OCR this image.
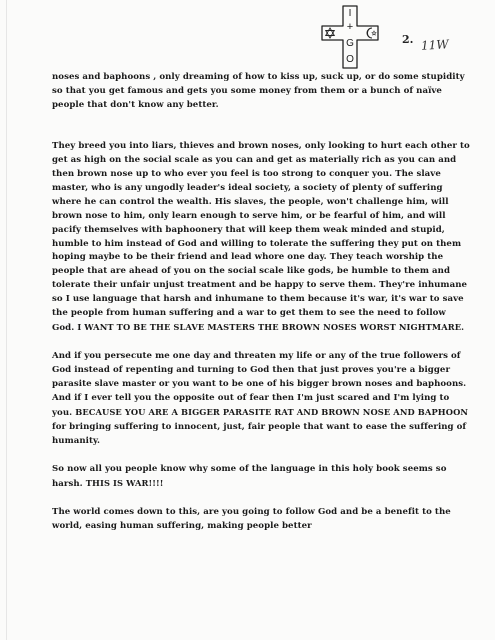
I
+
G
O
2. 11W

noses and baphoons , only dreaming of how to kiss up, suck up, or do some stupidity so that you get famous and gets you some money from them or a bunch of naïve people that don't know any better.

They breed you into liars, thieves and brown noses, only looking to hurt each other to get as high on the social scale as you can and get as materially rich as you can and then brown nose up to who ever you feel is too strong to conquer you. The slave master, who is any ungodly leader's ideal society, a society of plenty of suffering where he can control the wealth. His slaves, the people, won't challenge him, will brown nose to him, only learn enough to serve him, or be fearful of him, and will pacify themselves with baphoonery that will keep them weak minded and stupid, humble to him instead of God and willing to tolerate the suffering they put on them hoping maybe to be their friend and lead whore one day. They teach worship the people that are ahead of you on the social scale like gods, be humble to them and tolerate their unfair unjust treatment and be happy to serve them. They're inhumane so I use language that harsh and inhumane to them because it's war, it's war to save the people from human suffering and a war to get them to see the need to follow God. I WANT TO BE THE SLAVE MASTERS THE BROWN NOSES WORST NIGHTMARE.

And if you persecute me one day and threaten my life or any of the true followers of God instead of repenting and turning to God then that just proves you're a bigger parasite slave master or you want to be one of his bigger brown noses and baphoons. And if I ever tell you the opposite out of fear then I'm just scared and I'm lying to you. BECAUSE YOU ARE A BIGGER PARASITE RAT AND BROWN NOSE AND BAPHOON for bringing suffering to innocent, just, fair people that want to ease the suffering of humanity.

So now all you people know why some of the language in this holy book seems so harsh. THIS IS WAR!!!!

The world comes down to this, are you going to follow God and be a benefit to the world, easing human suffering, making people better
